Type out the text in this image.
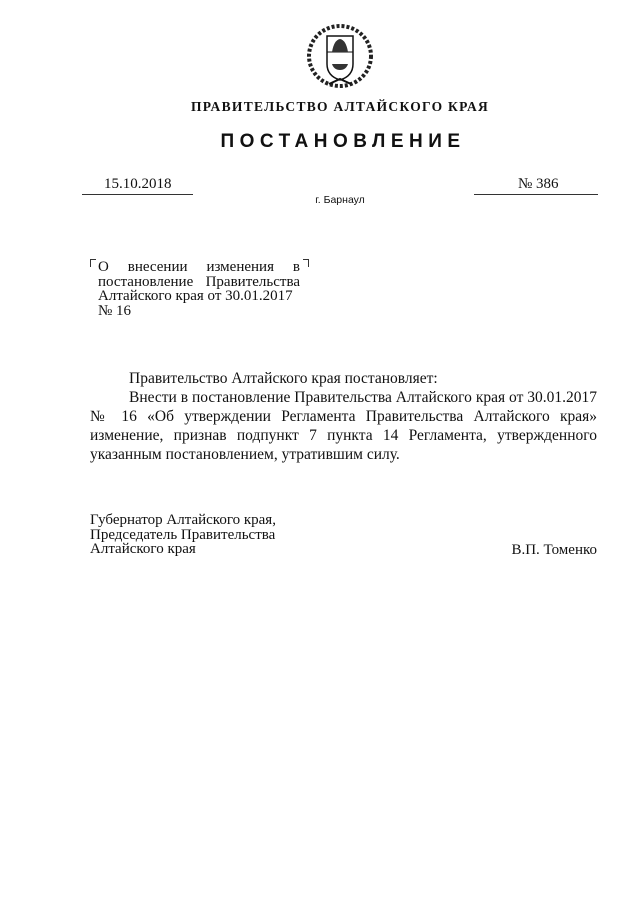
ПРАВИТЕЛЬСТВО АЛТАЙСКОГО КРАЯ
ПОСТАНОВЛЕНИЕ
15.10.2018	№ 386
г. Барнаул
О внесении изменения в
постановление Правительства
Алтайского края от 30.01.2017
№ 16
Правительство Алтайского края постановляет:
Внести в постановление Правительства Алтайского края от 30.01.2017
№ 16 «Об утверждении Регламента Правительства Алтайского края»
изменение, признав подпункт 7 пункта 14 Регламента, утвержденного
указанным постановлением, утратившим силу.
Губернатор Алтайского края,
Председатель Правительства
Алтайского края	В.П. Томенко
